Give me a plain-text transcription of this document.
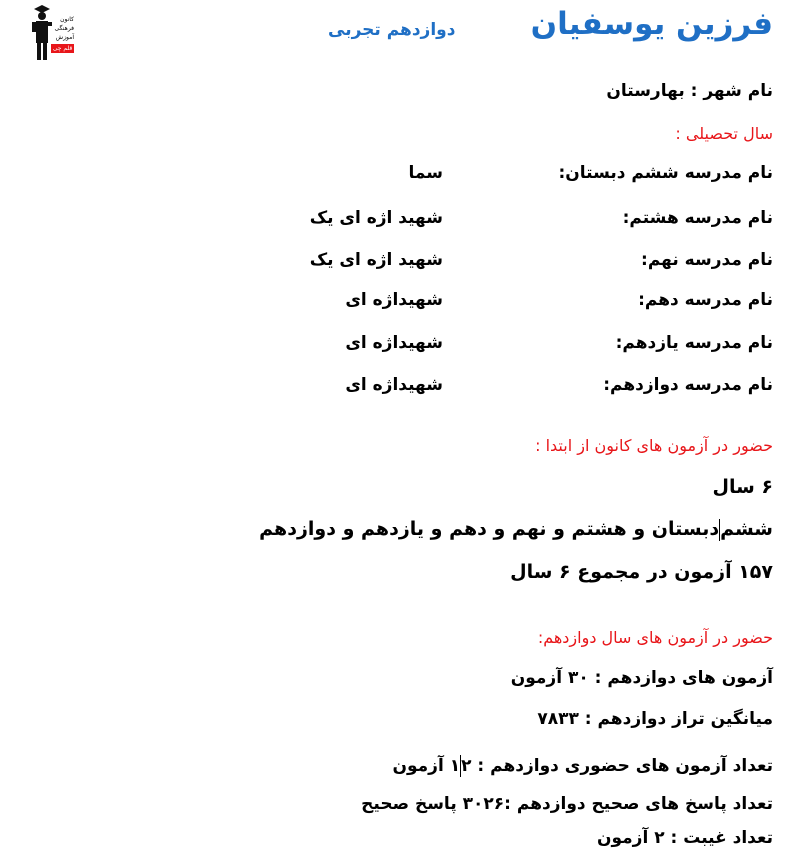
کانون
فرهنگی
آموزش
قلم چی
فرزین یوسفیان
دوازدهم تجربی
نام شهر : بهارستان
سال تحصیلی :
نام مدرسه ششم دبستان:
سما
نام مدرسه هشتم:
شهید اژه ای یک
نام مدرسه نهم:
شهید اژه ای یک
نام مدرسه دهم:
شهیداژه ای
نام مدرسه یازدهم:
شهیداژه ای
نام مدرسه دوازدهم:
شهیداژه ای
حضور در آزمون های کانون از ابتدا :
۶ سال
ششمدبستان و هشتم و نهم و دهم و یازدهم و دوازدهم
۱۵۷ آزمون در مجموع ۶ سال
حضور در آزمون های سال دوازدهم:
آزمون های دوازدهم : ۳۰ آزمون
میانگین تراز دوازدهم : ۷۸۳۳
تعداد آزمون های حضوری دوازدهم : ۲۱ آزمون
تعداد پاسخ های صحیح دوازدهم :۳۰۲۶ پاسخ صحیح
تعداد غیبت : ۲ آزمون
